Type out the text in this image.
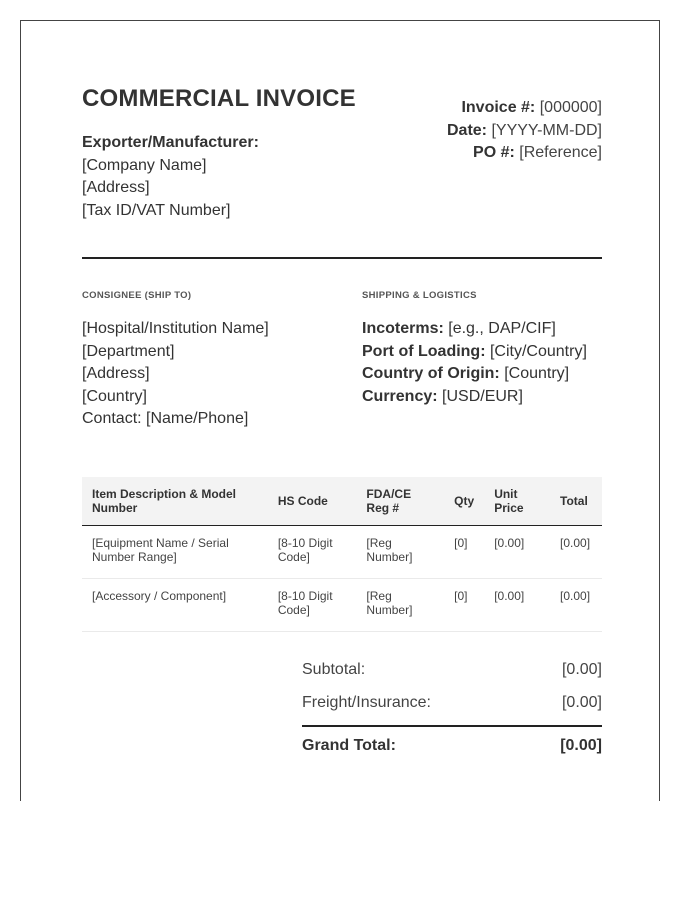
COMMERCIAL INVOICE
Exporter/Manufacturer:
[Company Name]
[Address]
[Tax ID/VAT Number]
Invoice #: [000000]
Date: [YYYY-MM-DD]
PO #: [Reference]
CONSIGNEE (SHIP TO)	SHIPPING & LOGISTICS
[Hospital/Institution Name]
[Department]
[Address]
[Country]
Contact: [Name/Phone]
Incoterms: [e.g., DAP/CIF]
Port of Loading: [City/Country]
Country of Origin: [Country]
Currency: [USD/EUR]
Item Description & Model Number	HS Code	FDA/CE Reg #	Qty	Unit Price	Total
[Equipment Name / Serial Number Range]	[8-10 Digit Code]	[Reg Number]	[0]	[0.00]	[0.00]
[Accessory / Component]	[8-10 Digit Code]	[Reg Number]	[0]	[0.00]	[0.00]
Subtotal:	[0.00]
Freight/Insurance:	[0.00]
Grand Total:	[0.00]
